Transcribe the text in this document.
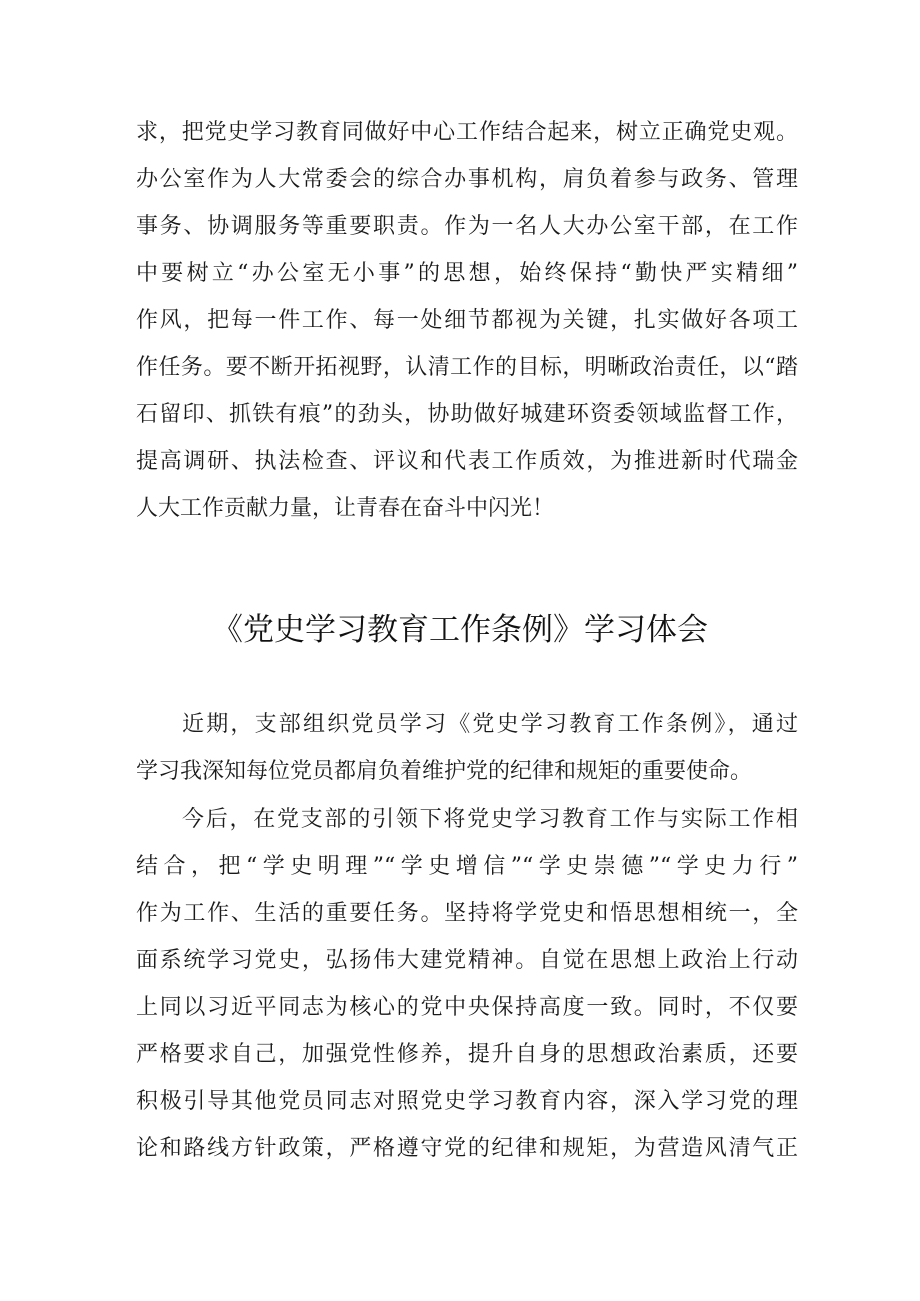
求，把党史学习教育同做好中心工作结合起来，树立正确党史观。
办公室作为人大常委会的综合办事机构，肩负着参与政务、管理
事务、协调服务等重要职责。作为一名人大办公室干部，在工作
中要树立“办公室无小事”的思想，始终保持“勤快严实精细”
作风，把每一件工作、每一处细节都视为关键，扎实做好各项工
作任务。要不断开拓视野，认清工作的目标，明晰政治责任，以“踏
石留印、抓铁有痕”的劲头，协助做好城建环资委领域监督工作，
提高调研、执法检查、评议和代表工作质效，为推进新时代瑞金
人大工作贡献力量，让青春在奋斗中闪光！
《党史学习教育工作条例》学习体会
近期，支部组织党员学习《党史学习教育工作条例》，通过
学习我深知每位党员都肩负着维护党的纪律和规矩的重要使命。
今后，在党支部的引领下将党史学习教育工作与实际工作相
结合，把“学史明理”“学史增信”“学史崇德”“学史力行”
作为工作、生活的重要任务。坚持将学党史和悟思想相统一，全
面系统学习党史，弘扬伟大建党精神。自觉在思想上政治上行动
上同以习近平同志为核心的党中央保持高度一致。同时，不仅要
严格要求自己，加强党性修养，提升自身的思想政治素质，还要
积极引导其他党员同志对照党史学习教育内容，深入学习党的理
论和路线方针政策，严格遵守党的纪律和规矩，为营造风清气正
